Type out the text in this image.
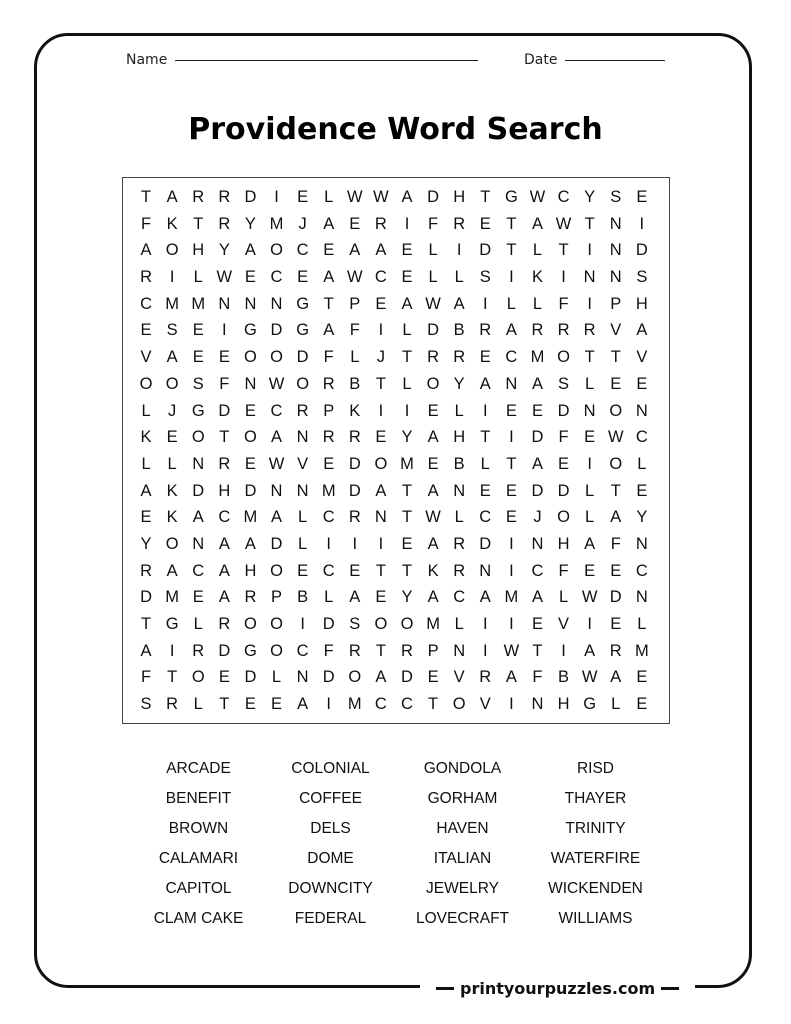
Name	Date
Providence Word Search
T A R R D	I	E L W W A D H T G W C Y S E
F K T R Y M J A E R	I	F R E T A W T N	I
A O H Y A O C E A A E L	I	D T L T	I	N D
R	I	L W E C E A W C E L	L S	I	K	I	N N S
C M M N N N G T P E A W A	I	L	L F	I	P H
E S E	I	G D G A F	I	L D B R A R R R V A
V A E E O O D F L	J	T R R E C M O T T V
O O S F N W O R B T L O Y A N A S L E E
L	J G D E C R P K	I	I	E L	I	E E D N O N
K E O T O A N R R E Y A H T	I	D F E W C
L	L N R E W V E D O M E B L T A E	I	O L
A K D H D N N M D A T A N E E D D L T E
E K A C M A L C R N T W L C E J O L A Y
Y O N A A D L	I	I	I	E A R D	I	N H A F N
R A C A H O E C E T T K R N	I	C F E E C
D M E A R P B L A E Y A C A M A L W D N
T G L R O O	I	D S O O M L	I	I	E V	I	E L
A	I	R D G O C F R T R P N	I W T	I	A R M
F T O E D L N D O A D E V R A F B W A E
S R L T E E A	I	M C C T O V	I	N H G L E
ARCADE	COLONIAL	GONDOLA	RISD
BENEFIT	COFFEE	GORHAM	THAYER
BROWN	DELS	HAVEN	TRINITY
CALAMARI	DOME	ITALIAN	WATERFIRE
CAPITOL	DOWNCITY	JEWELRY	WICKENDEN
CLAM CAKE	FEDERAL	LOVECRAFT	WILLIAMS
printyourpuzzles.com
